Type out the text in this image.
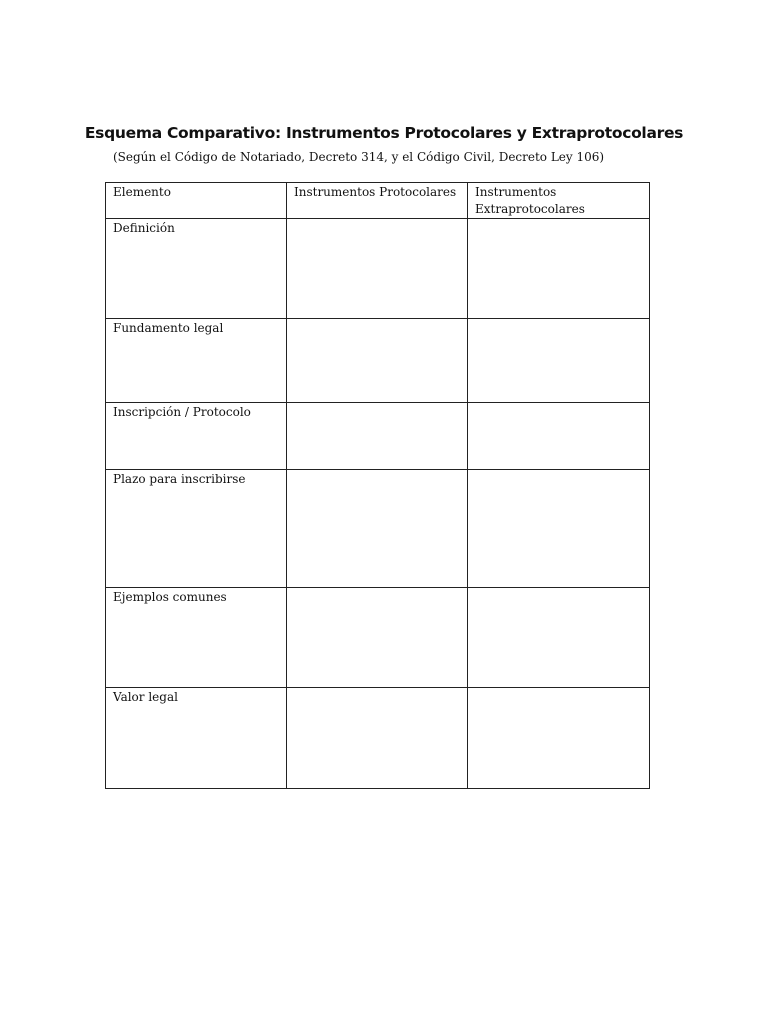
Esquema Comparativo: Instrumentos Protocolares y Extraprotocolares

(Según el Código de Notariado, Decreto 314, y el Código Civil, Decreto Ley 106)

Elemento	Instrumentos Protocolares	Instrumentos Extraprotocolares
Definición		
Fundamento legal		
Inscripción / Protocolo		
Plazo para inscribirse		
Ejemplos comunes		
Valor legal		
